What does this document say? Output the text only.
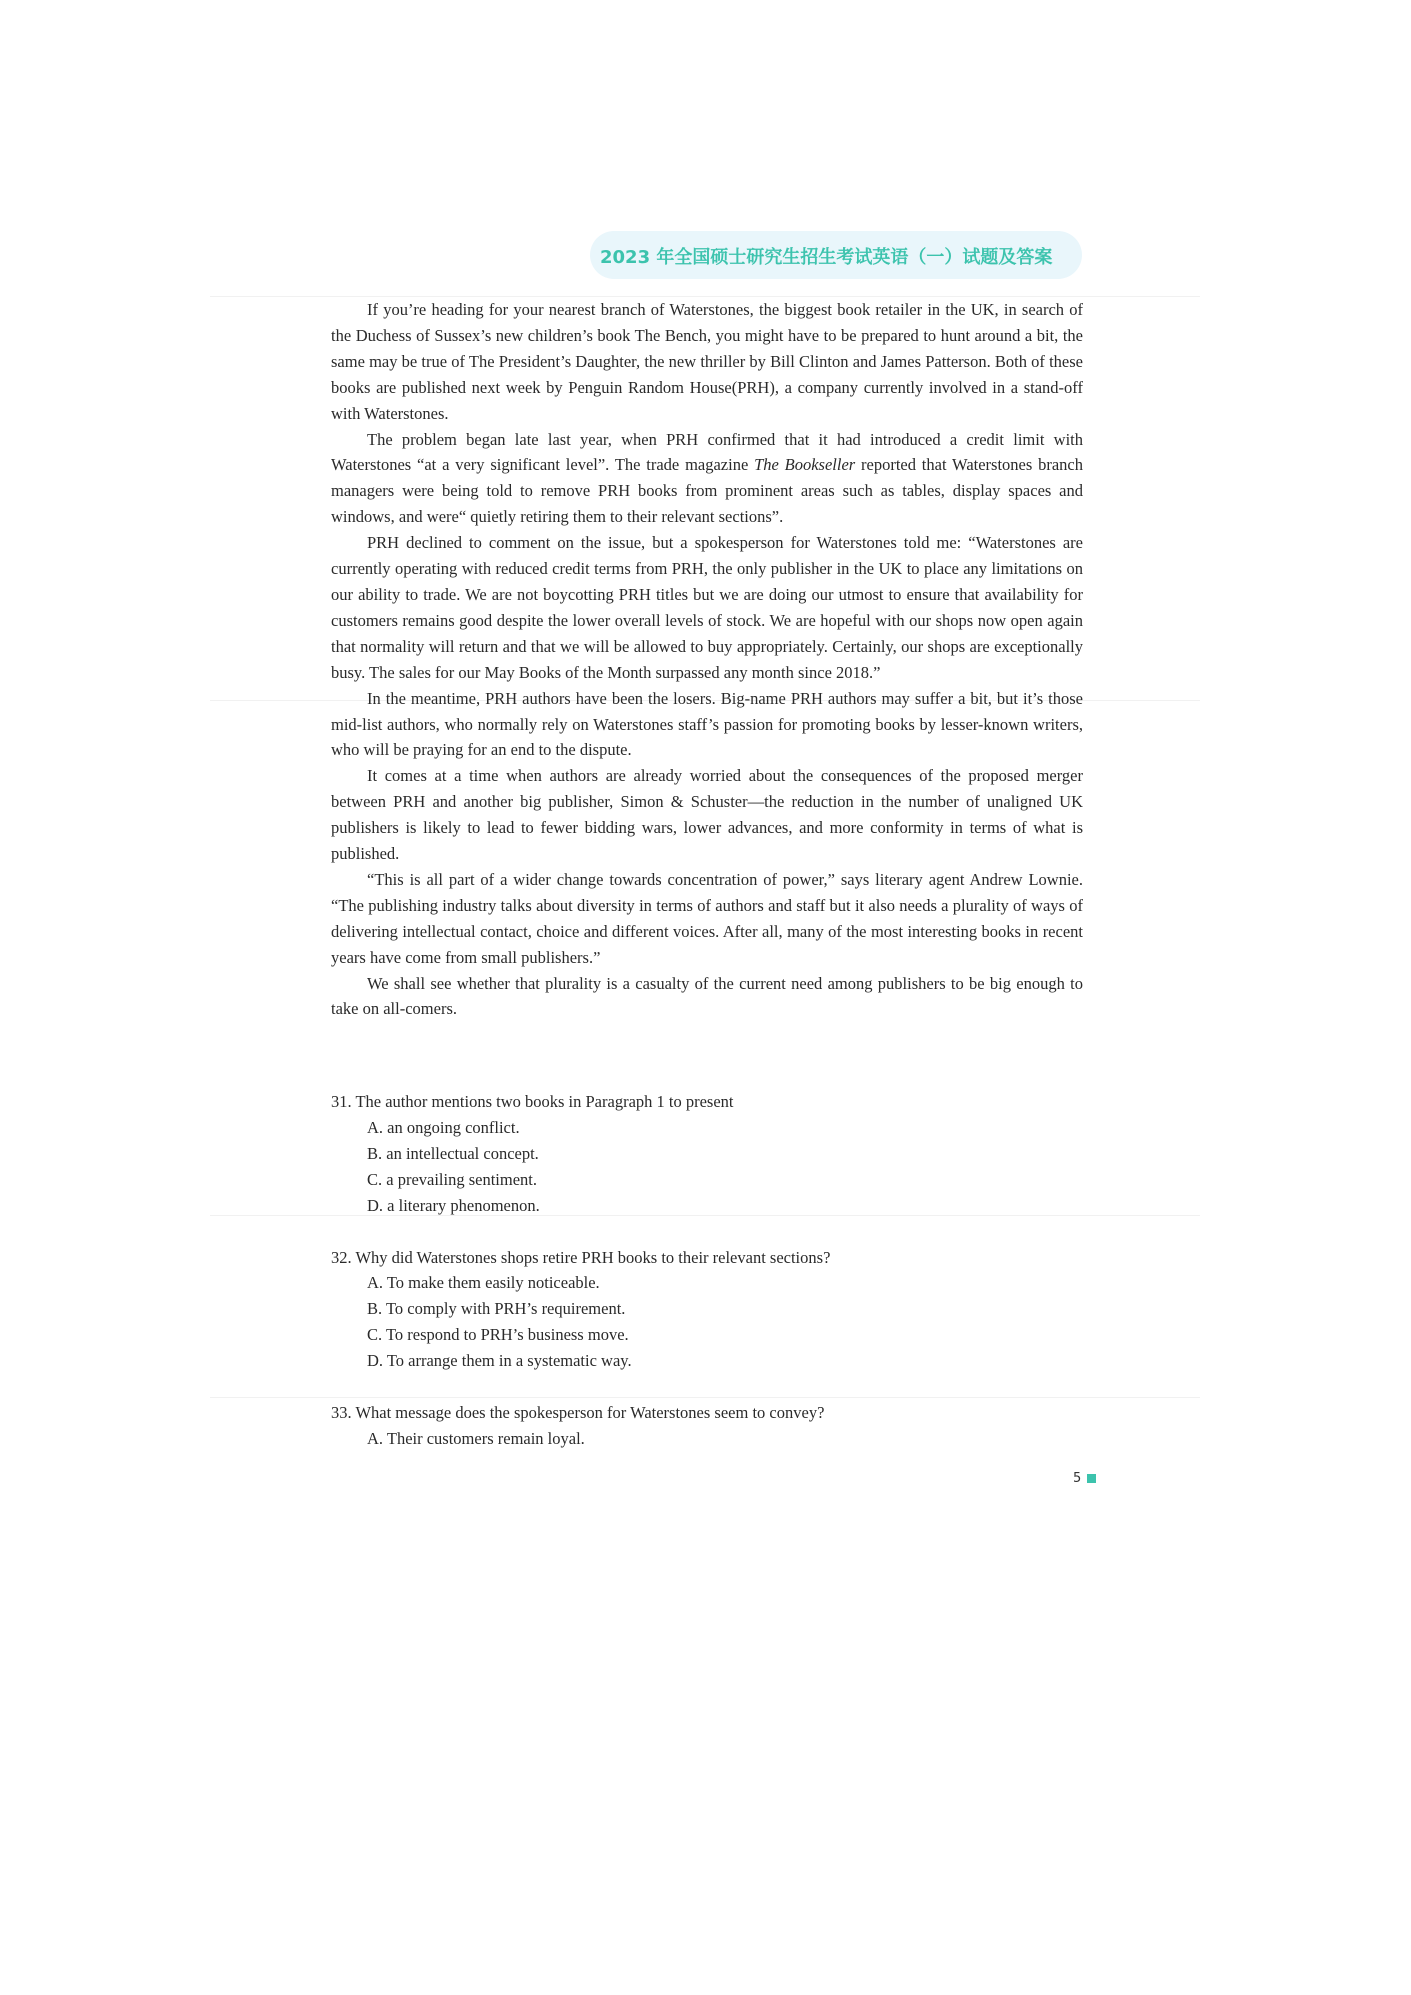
2023 年全国硕士研究生招生考试英语（一）试题及答案

If you’re heading for your nearest branch of Waterstones, the biggest book retailer in the UK, in search of the Duchess of Sussex’s new children’s book The Bench, you might have to be prepared to hunt around a bit, the same may be true of The President’s Daughter, the new thriller by Bill Clinton and James Patterson. Both of these books are published next week by Penguin Random House(PRH), a company currently involved in a stand-off with Waterstones.

The problem began late last year, when PRH confirmed that it had introduced a credit limit with Waterstones “at a very significant level”. The trade magazine The Bookseller reported that Waterstones branch managers were being told to remove PRH books from prominent areas such as tables, display spaces and windows, and were“ quietly retiring them to their relevant sections”.

PRH declined to comment on the issue, but a spokesperson for Waterstones told me: “Waterstones are currently operating with reduced credit terms from PRH, the only publisher in the UK to place any limitations on our ability to trade. We are not boycotting PRH titles but we are doing our utmost to ensure that availability for customers remains good despite the lower overall levels of stock. We are hopeful with our shops now open again that normality will return and that we will be allowed to buy appropriately. Certainly, our shops are exceptionally busy. The sales for our May Books of the Month surpassed any month since 2018.”

In the meantime, PRH authors have been the losers. Big-name PRH authors may suffer a bit, but it’s those mid-list authors, who normally rely on Waterstones staff’s passion for promoting books by lesser-known writers, who will be praying for an end to the dispute.

It comes at a time when authors are already worried about the consequences of the proposed merger between PRH and another big publisher, Simon & Schuster—the reduction in the number of unaligned UK publishers is likely to lead to fewer bidding wars, lower advances, and more conformity in terms of what is published.

“This is all part of a wider change towards concentration of power,” says literary agent Andrew Lownie. “The publishing industry talks about diversity in terms of authors and staff but it also needs a plurality of ways of delivering intellectual contact, choice and different voices. After all, many of the most interesting books in recent years have come from small publishers.”

We shall see whether that plurality is a casualty of the current need among publishers to be big enough to take on all-comers.

31. The author mentions two books in Paragraph 1 to present

A. an ongoing conflict.

B. an intellectual concept.

C. a prevailing sentiment.

D. a literary phenomenon.

32. Why did Waterstones shops retire PRH books to their relevant sections?

A. To make them easily noticeable.

B. To comply with PRH’s requirement.

C. To respond to PRH’s business move.

D. To arrange them in a systematic way.

33. What message does the spokesperson for Waterstones seem to convey?

A. Their customers remain loyal.

5
